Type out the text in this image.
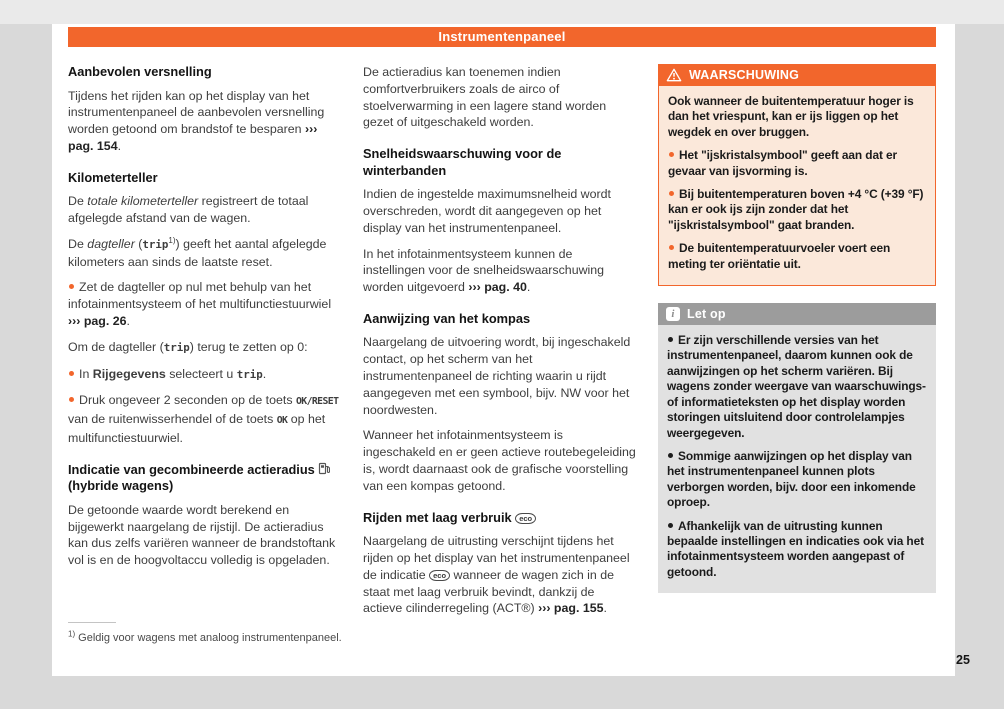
Instrumentenpaneel
Aanbevolen versnelling

Tijdens het rijden kan op het display van het instrumentenpaneel de aanbevolen versnelling worden getoond om brandstof te besparen ››› pag. 154.

Kilometerteller

De totale kilometerteller registreert de totaal afgelegde afstand van de wagen.

De dagteller (trip$^{1)}$) geeft het aantal afgelegde kilometers aan sinds de laatste reset.

Zet de dagteller op nul met behulp van het infotainmentsysteem of het multifunctiestuurwiel ››› pag. 26.

Om de dagteller (trip) terug te zetten op 0:

In Rijgegevens selecteert u trip.

Druk ongeveer 2 seconden op de toets OK/RESET van de ruitenwisserhendel of de toets OK op het multifunctiestuurwiel.

Indicatie van gecombineerde actieradius  (hybride wagens)

De getoonde waarde wordt berekend en bijgewerkt naargelang de rijstijl. De actieradius kan dus zelfs variëren wanneer de brandstoftank vol is en de hoogvoltaccu volledig is opgeladen.

De actieradius kan toenemen indien comfortverbruikers zoals de airco of stoelverwarming in een lagere stand worden gezet of uitgeschakeld worden.

Snelheidswaarschuwing voor de winterbanden

Indien de ingestelde maximumsnelheid wordt overschreden, wordt dit aangegeven op het display van het instrumentenpaneel.

In het infotainmentsysteem kunnen de instellingen voor de snelheidswaarschuwing worden uitgevoerd ››› pag. 40.

Aanwijzing van het kompas

Naargelang de uitvoering wordt, bij ingeschakeld contact, op het scherm van het instrumentenpaneel de richting waarin u rijdt aangegeven met een symbool, bijv. NW voor het noordwesten.

Wanneer het infotainmentsysteem is ingeschakeld en er geen actieve routebegeleiding is, wordt daarnaast ook de grafische voorstelling van een kompas getoond.

Rijden met laag verbruik eco

Naargelang de uitrusting verschijnt tijdens het rijden op het display van het instrumentenpaneel de indicatie eco wanneer de wagen zich in de staat met laag verbruik bevindt, dankzij de actieve cilinderregeling (ACT®) ››› pag. 155.

WAARSCHUWING

Ook wanneer de buitentemperatuur hoger is dan het vriespunt, kan er ijs liggen op het wegdek en over bruggen.

Het "ijskristalsymbool" geeft aan dat er gevaar van ijsvorming is.

Bij buitentemperaturen boven +4 °C (+39 °F) kan er ook ijs zijn zonder dat het "ijskristalsymbool" gaat branden.

De buitentemperatuurvoeler voert een meting ter oriëntatie uit.

i Let op

Er zijn verschillende versies van het instrumentenpaneel, daarom kunnen ook de aanwijzingen op het scherm variëren. Bij wagens zonder weergave van waarschuwings- of informatieteksten op het display worden storingen uitsluitend door controlelampjes weergegeven.

Sommige aanwijzingen op het display van het instrumentenpaneel kunnen plots verborgen worden, bijv. door een inkomende oproep.

Afhankelijk van de uitrusting kunnen bepaalde instellingen en indicaties ook via het infotainmentsysteem worden aangepast of getoond.

$^{1)}$ Geldig voor wagens met analoog instrumentenpaneel.

25
